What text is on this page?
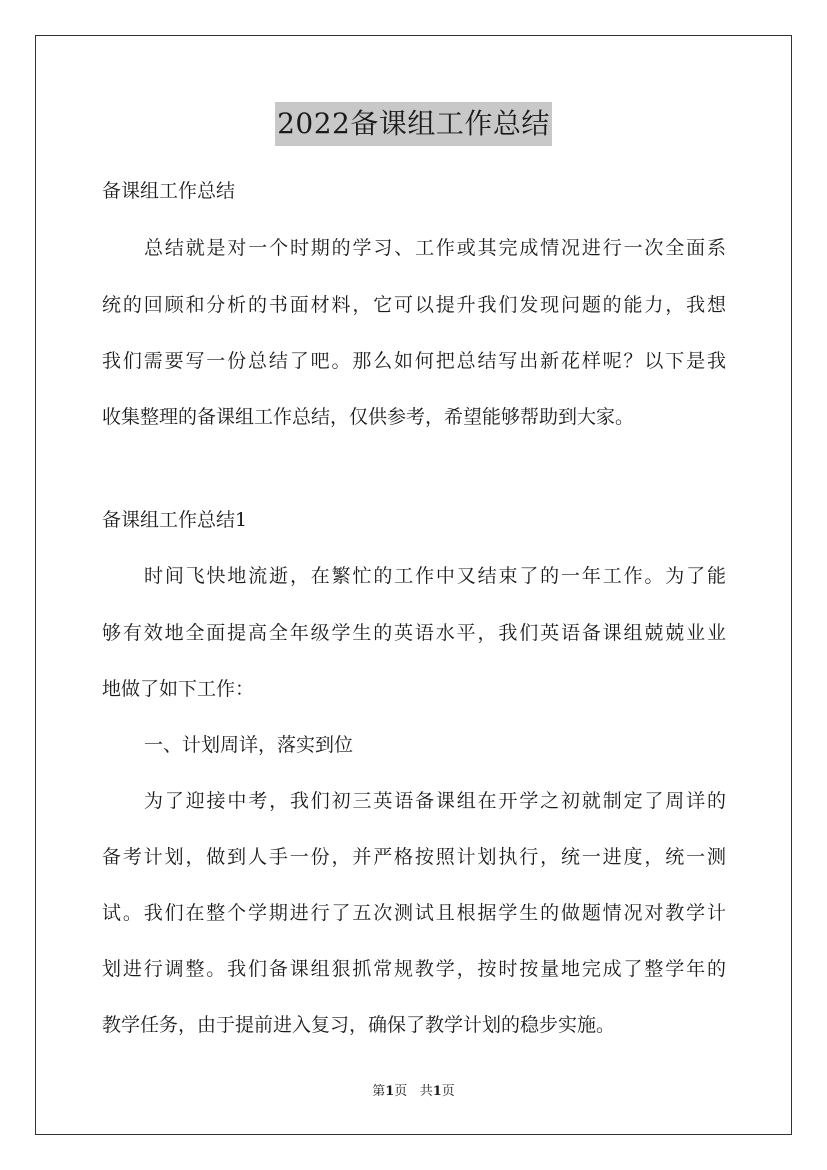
2022备课组工作总结
备课组工作总结
总结就是对一个时期的学习、工作或其完成情况进行一次全面系
统的回顾和分析的书面材料，它可以提升我们发现问题的能力，我想
我们需要写一份总结了吧。那么如何把总结写出新花样呢？以下是我
收集整理的备课组工作总结，仅供参考，希望能够帮助到大家。
备课组工作总结1
时间飞快地流逝，在繁忙的工作中又结束了的一年工作。为了能
够有效地全面提高全年级学生的英语水平，我们英语备课组兢兢业业
地做了如下工作：
一、计划周详，落实到位
为了迎接中考，我们初三英语备课组在开学之初就制定了周详的
备考计划，做到人手一份，并严格按照计划执行，统一进度，统一测
试。我们在整个学期进行了五次测试且根据学生的做题情况对教学计
划进行调整。我们备课组狠抓常规教学，按时按量地完成了整学年的
教学任务，由于提前进入复习，确保了教学计划的稳步实施。
第1页   共1页
